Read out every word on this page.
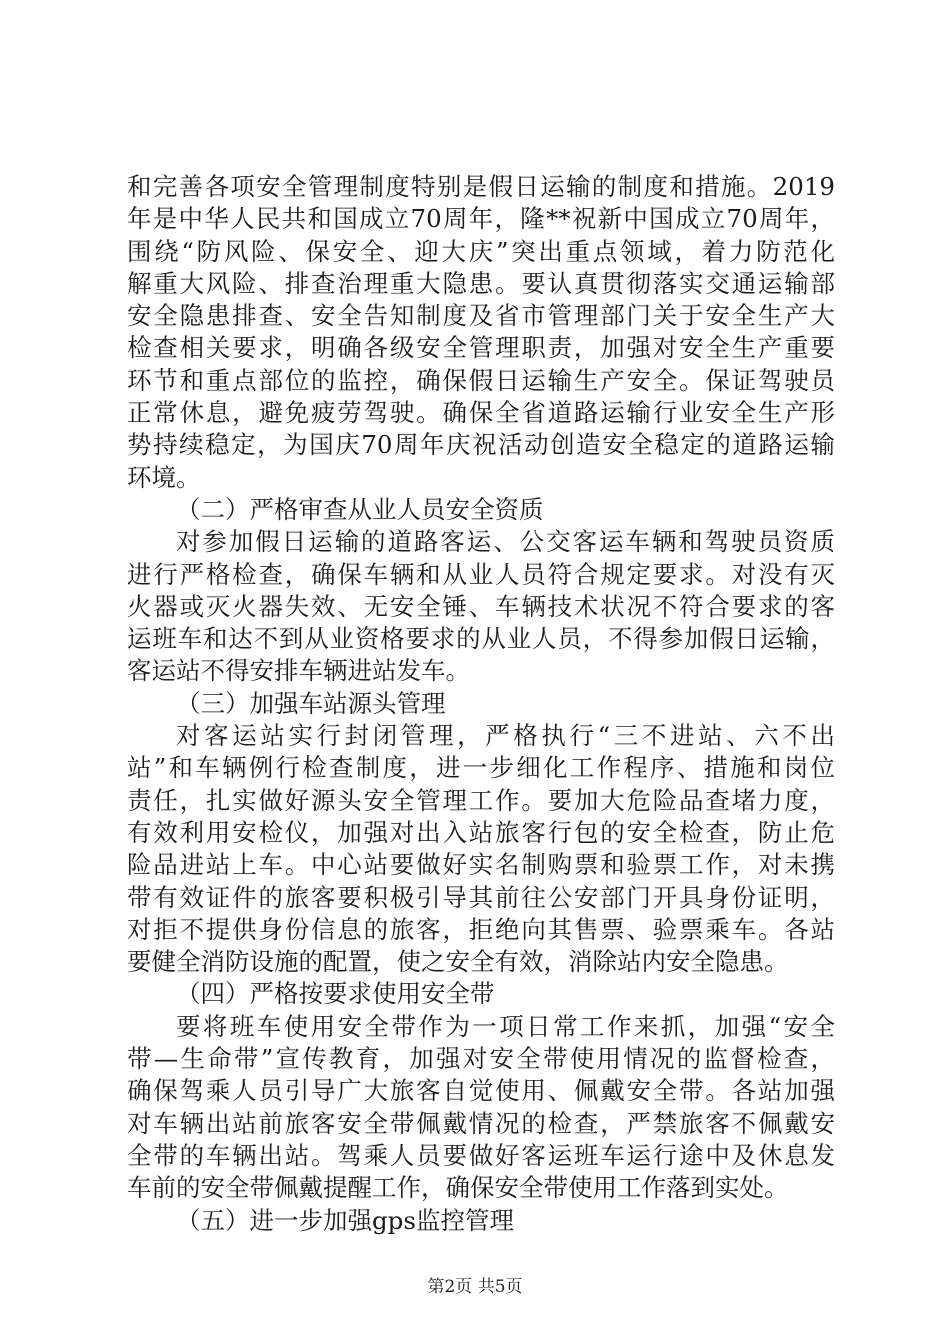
和完善各项安全管理制度特别是假日运输的制度和措施。2019
年是中华人民共和国成立70周年，隆**祝新中国成立70周年，
围绕“防风险、保安全、迎大庆”突出重点领域，着力防范化
解重大风险、排查治理重大隐患。要认真贯彻落实交通运输部
安全隐患排查、安全告知制度及省市管理部门关于安全生产大
检查相关要求，明确各级安全管理职责，加强对安全生产重要
环节和重点部位的监控，确保假日运输生产安全。保证驾驶员
正常休息，避免疲劳驾驶。确保全省道路运输行业安全生产形
势持续稳定，为国庆70周年庆祝活动创造安全稳定的道路运输
环境。
（二）严格审查从业人员安全资质
对参加假日运输的道路客运、公交客运车辆和驾驶员资质
进行严格检查，确保车辆和从业人员符合规定要求。对没有灭
火器或灭火器失效、无安全锤、车辆技术状况不符合要求的客
运班车和达不到从业资格要求的从业人员，不得参加假日运输，
客运站不得安排车辆进站发车。
（三）加强车站源头管理
对客运站实行封闭管理，严格执行“三不进站、六不出
站”和车辆例行检查制度，进一步细化工作程序、措施和岗位
责任，扎实做好源头安全管理工作。要加大危险品查堵力度，
有效利用安检仪，加强对出入站旅客行包的安全检查，防止危
险品进站上车。中心站要做好实名制购票和验票工作，对未携
带有效证件的旅客要积极引导其前往公安部门开具身份证明，
对拒不提供身份信息的旅客，拒绝向其售票、验票乘车。各站
要健全消防设施的配置，使之安全有效，消除站内安全隐患。
（四）严格按要求使用安全带
要将班车使用安全带作为一项日常工作来抓，加强“安全
带—生命带”宣传教育，加强对安全带使用情况的监督检查，
确保驾乘人员引导广大旅客自觉使用、佩戴安全带。各站加强
对车辆出站前旅客安全带佩戴情况的检查，严禁旅客不佩戴安
全带的车辆出站。驾乘人员要做好客运班车运行途中及休息发
车前的安全带佩戴提醒工作，确保安全带使用工作落到实处。
（五）进一步加强gps监控管理
第2页 共5页
